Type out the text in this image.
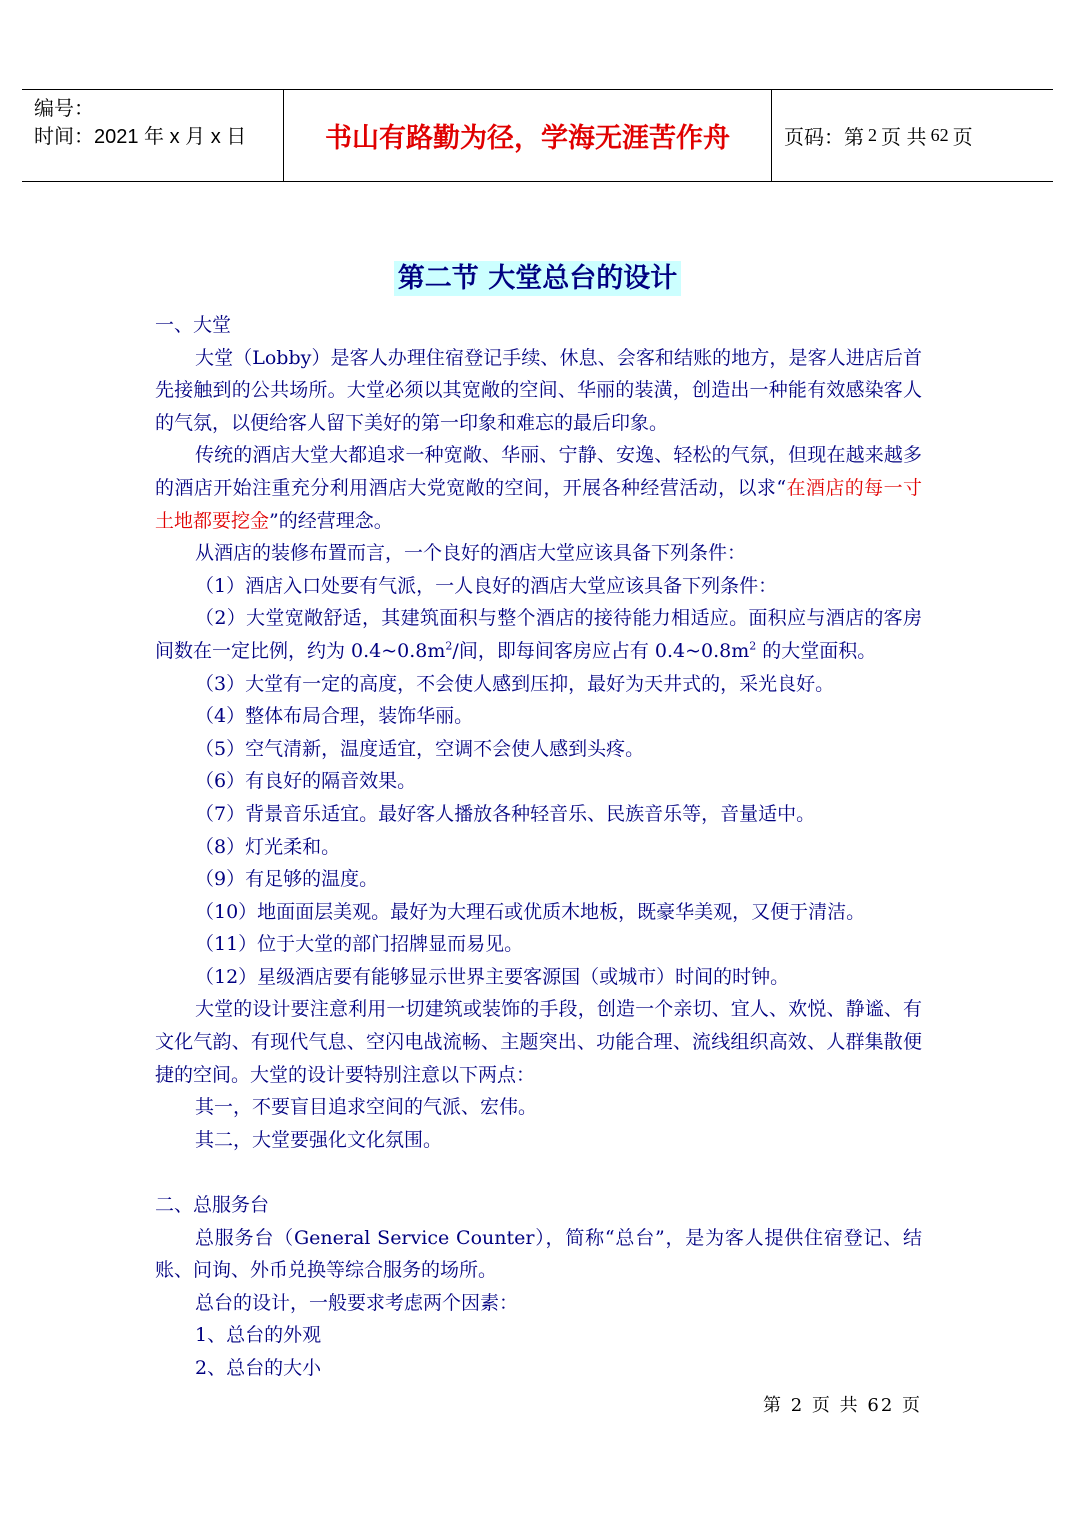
编号：
时间：2021 年 x 月 x 日	书山有路勤为径，学海无涯苦作舟	页码：第 2 页 共 62 页
第二节 大堂总台的设计

一、大堂

大堂（Lobby）是客人办理住宿登记手续、休息、会客和结账的地方，是客人进店后首先接触到的公共场所。大堂必须以其宽敞的空间、华丽的装潢，创造出一种能有效感染客人的气氛，以便给客人留下美好的第一印象和难忘的最后印象。

传统的酒店大堂大都追求一种宽敞、华丽、宁静、安逸、轻松的气氛，但现在越来越多的酒店开始注重充分利用酒店大党宽敞的空间，开展各种经营活动，以求“在酒店的每一寸土地都要挖金”的经营理念。

从酒店的装修布置而言，一个良好的酒店大堂应该具备下列条件：

（1）酒店入口处要有气派，一人良好的酒店大堂应该具备下列条件：

（2）大堂宽敞舒适，其建筑面积与整个酒店的接待能力相适应。面积应与酒店的客房间数在一定比例，约为 $0.4\sim 0.8m^2/$间，即每间客房应占有 $0.4\sim 0.8m^2$ 的大堂面积。

（3）大堂有一定的高度，不会使人感到压抑，最好为天井式的，采光良好。

（4）整体布局合理，装饰华丽。

（5）空气清新，温度适宜，空调不会使人感到头疼。

（6）有良好的隔音效果。

（7）背景音乐适宜。最好客人播放各种轻音乐、民族音乐等，音量适中。

（8）灯光柔和。

（9）有足够的温度。

（10）地面面层美观。最好为大理石或优质木地板，既豪华美观，又便于清洁。

（11）位于大堂的部门招牌显而易见。

（12）星级酒店要有能够显示世界主要客源国（或城市）时间的时钟。

大堂的设计要注意利用一切建筑或装饰的手段，创造一个亲切、宜人、欢悦、静谧、有文化气韵、有现代气息、空闪电战流畅、主题突出、功能合理、流线组织高效、人群集散便捷的空间。大堂的设计要特别注意以下两点：

其一，不要盲目追求空间的气派、宏伟。

其二，大堂要强化文化氛围。

二、总服务台

总服务台（General Service Counter），简称“总台”，是为客人提供住宿登记、结账、问询、外币兑换等综合服务的场所。

总台的设计，一般要求考虑两个因素：

1、总台的外观

2、总台的大小

第 2 页 共 62 页
